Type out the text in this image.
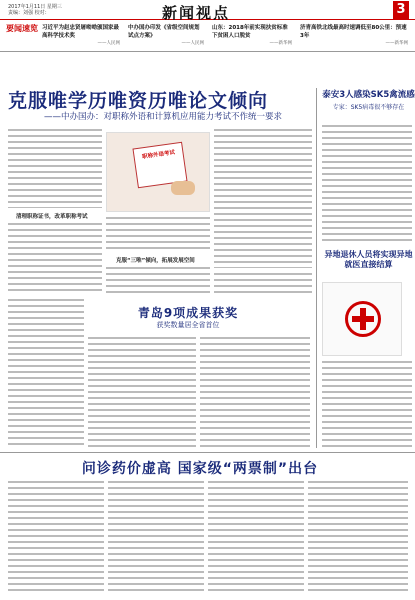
2017年1月11日 星期三
责编：刘强 校对：	新闻视点	3
要闻速览 习近平为赵忠贤屠呦呦颁国家最高科学技术奖
——人民网
中办国办印发《省级空间规划试点方案》
——人民网
山东：2018年前实现扶贫标准下贫困人口脱贫
——新华网
济青高铁北线最高时速调低至80公里：预速3年
——新华网
克服唯学历唯资历唯论文倾向
——中办国办：对职称外语和计算机应用能力考试不作统一要求
泰安3人感染SK5禽流感
专家：SK5病毒很不够存在
清理职称证书，改革职称考试
职称外语考试
克服“三唯”倾向，拓展发展空间
异地退休人员将实现异地就医直接结算
青岛9项成果获奖
获奖数量居全省首位
问诊药价虚高 国家级“两票制”出台
